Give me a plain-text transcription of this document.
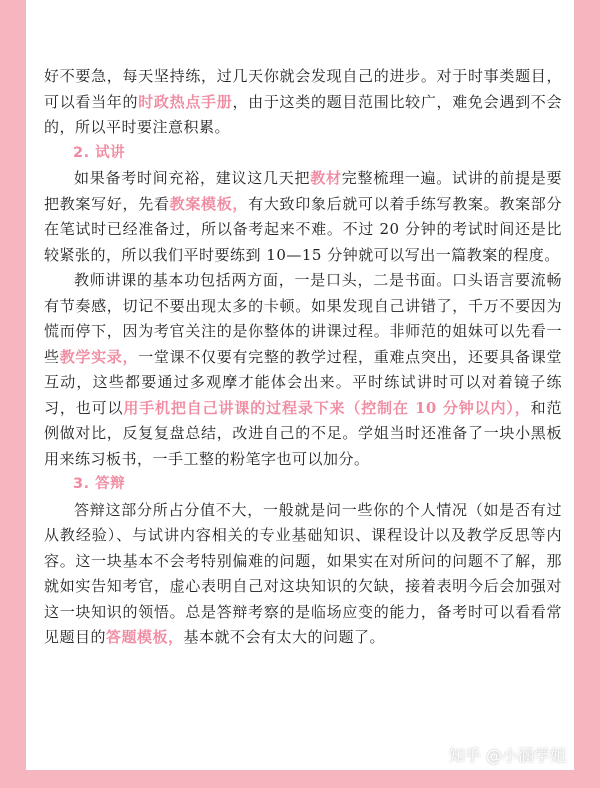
好不要急，每天坚持练，过几天你就会发现自己的进步。对于时事类题目，可以看当年的时政热点手册，由于这类的题目范围比较广，难免会遇到不会的，所以平时要注意积累。

2. 试讲

如果备考时间充裕，建议这几天把教材完整梳理一遍。试讲的前提是要把教案写好，先看教案模板，有大致印象后就可以着手练写教案。教案部分在笔试时已经准备过，所以备考起来不难。不过 20 分钟的考试时间还是比较紧张的，所以我们平时要练到 10—15 分钟就可以写出一篇教案的程度。

教师讲课的基本功包括两方面，一是口头，二是书面。口头语言要流畅有节奏感，切记不要出现太多的卡顿。如果发现自己讲错了，千万不要因为慌而停下，因为考官关注的是你整体的讲课过程。非师范的姐妹可以先看一些教学实录，一堂课不仅要有完整的教学过程，重难点突出，还要具备课堂互动，这些都要通过多观摩才能体会出来。平时练试讲时可以对着镜子练习，也可以用手机把自己讲课的过程录下来（控制在 10 分钟以内），和范例做对比，反复复盘总结，改进自己的不足。学姐当时还准备了一块小黑板用来练习板书，一手工整的粉笔字也可以加分。

3. 答辩

答辩这部分所占分值不大，一般就是问一些你的个人情况（如是否有过从教经验）、与试讲内容相关的专业基础知识、课程设计以及教学反思等内容。这一块基本不会考特别偏难的问题，如果实在对所问的问题不了解，那就如实告知考官，虚心表明自己对这块知识的欠缺，接着表明今后会加强对这一块知识的领悟。总是答辩考察的是临场应变的能力，备考时可以看看常见题目的答题模板，基本就不会有太大的问题了。

知乎 @小涵学姐
